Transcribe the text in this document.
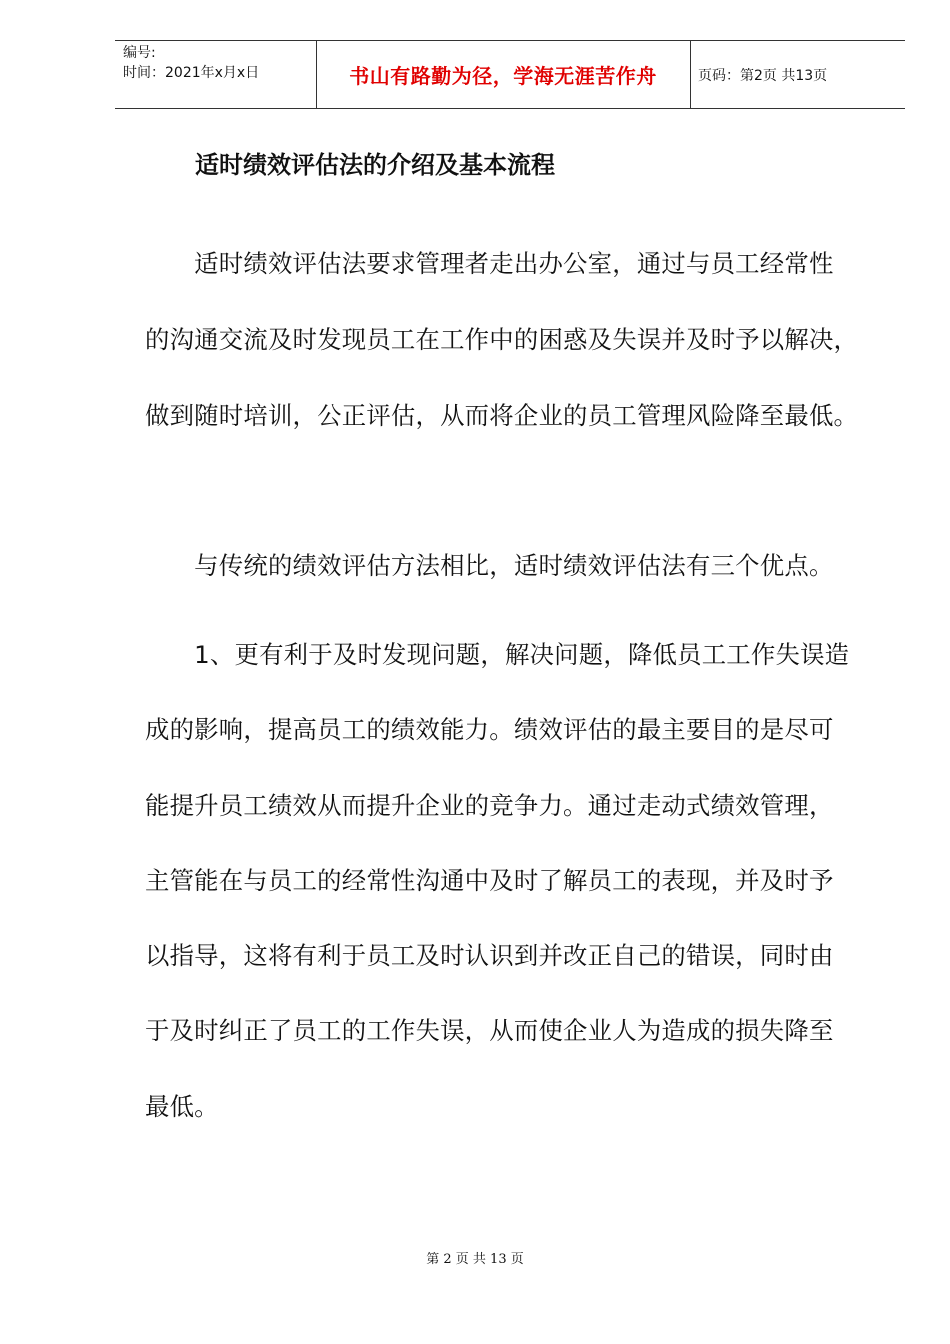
编号:
时间：2021年x月x日	书山有路勤为径，学海无涯苦作舟	页码：第2页 共13页
适时绩效评估法的介绍及基本流程
　　适时绩效评估法要求管理者走出办公室，通过与员工经常性
的沟通交流及时发现员工在工作中的困惑及失误并及时予以解决，
做到随时培训，公正评估，从而将企业的员工管理风险降至最低。
　　与传统的绩效评估方法相比，适时绩效评估法有三个优点。
　　1、更有利于及时发现问题，解决问题，降低员工工作失误造
成的影响，提高员工的绩效能力。绩效评估的最主要目的是尽可
能提升员工绩效从而提升企业的竞争力。通过走动式绩效管理，
主管能在与员工的经常性沟通中及时了解员工的表现，并及时予
以指导，这将有利于员工及时认识到并改正自己的错误，同时由
于及时纠正了员工的工作失误，从而使企业人为造成的损失降至
最低。
第 2 页 共 13 页
